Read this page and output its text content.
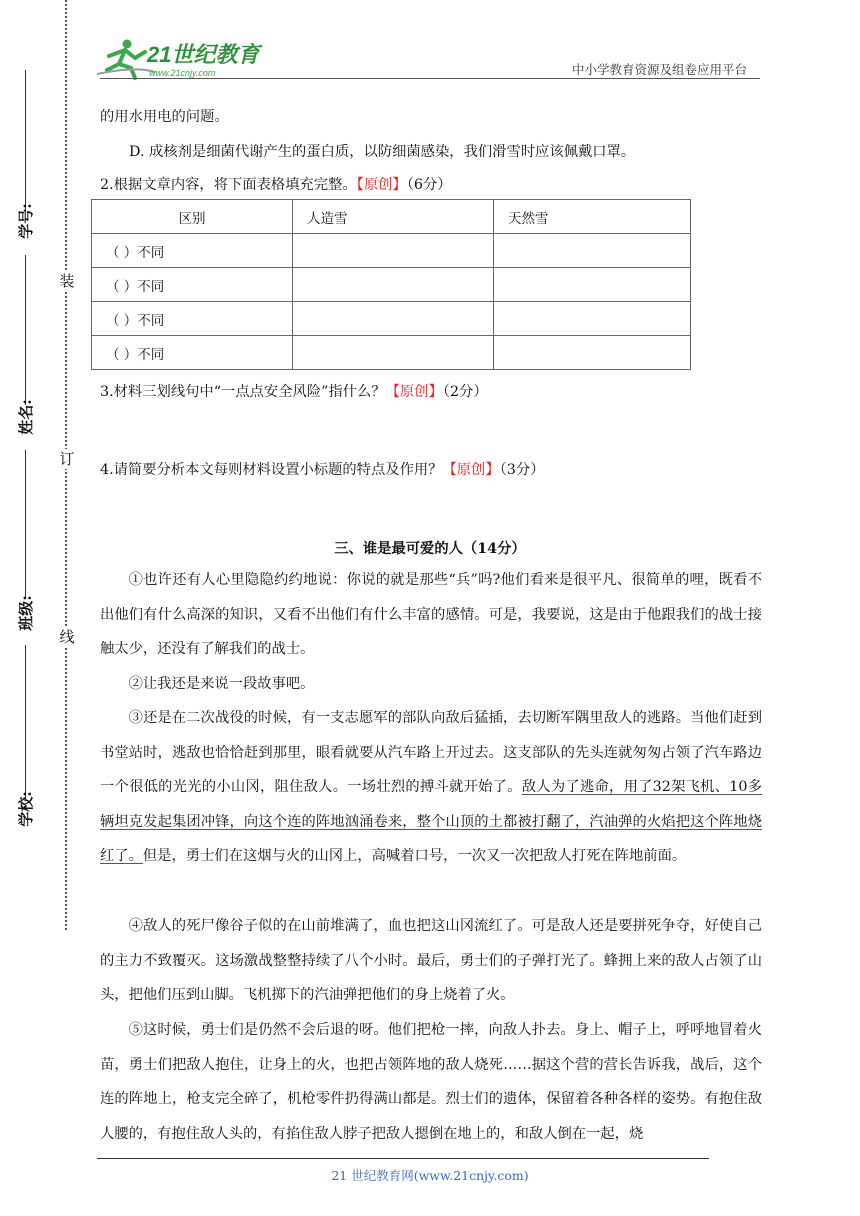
21世纪教育
www.21cnjy.com	中小学教育资源及组卷应用平台
装
订
线
学号:
姓名:
班级:
学校:
的用水用电的问题。
D. 成核剂是细菌代谢产生的蛋白质，以防细菌感染，我们滑雪时应该佩戴口罩。
2.根据文章内容，将下面表格填充完整。【原创】（6分）
区别	人造雪	天然雪
（ ）不同		
（ ）不同		
（ ）不同		
（ ）不同		
3.材料三划线句中“一点点安全风险”指什么？【原创】（2分）
4.请简要分析本文每则材料设置小标题的特点及作用？【原创】（3分）
三、谁是最可爱的人（14分）
①也许还有人心里隐隐约约地说：你说的就是那些“兵”吗?他们看来是很平凡、很简单的哩，既看不出他们有什么高深的知识，又看不出他们有什么丰富的感情。可是，我要说，这是由于他跟我们的战士接触太少，还没有了解我们的战士。
②让我还是来说一段故事吧。
③还是在二次战役的时候，有一支志愿军的部队向敌后猛插，去切断军隅里敌人的逃路。当他们赶到书堂站时，逃敌也恰恰赶到那里，眼看就要从汽车路上开过去。这支部队的先头连就匆匆占领了汽车路边一个很低的光光的小山冈，阻住敌人。一场壮烈的搏斗就开始了。敌人为了逃命，用了32架飞机、10多辆坦克发起集团冲锋，向这个连的阵地汹涌卷来，整个山顶的土都被打翻了，汽油弹的火焰把这个阵地烧红了。但是，勇士们在这烟与火的山冈上，高喊着口号，一次又一次把敌人打死在阵地前面。
④敌人的死尸像谷子似的在山前堆满了，血也把这山冈流红了。可是敌人还是要拼死争夺，好使自己的主力不致覆灭。这场激战整整持续了八个小时。最后，勇士们的子弹打光了。蜂拥上来的敌人占领了山头，把他们压到山脚。飞机掷下的汽油弹把他们的身上烧着了火。
⑤这时候，勇士们是仍然不会后退的呀。他们把枪一摔，向敌人扑去。身上、帽子上，呼呼地冒着火苗，勇士们把敌人抱住，让身上的火，也把占领阵地的敌人烧死……据这个营的营长告诉我，战后，这个连的阵地上，枪支完全碎了，机枪零件扔得满山都是。烈士们的遗体，保留着各种各样的姿势。有抱住敌人腰的，有抱住敌人头的，有掐住敌人脖子把敌人摁倒在地上的，和敌人倒在一起，烧
21 世纪教育网(www.21cnjy.com)
